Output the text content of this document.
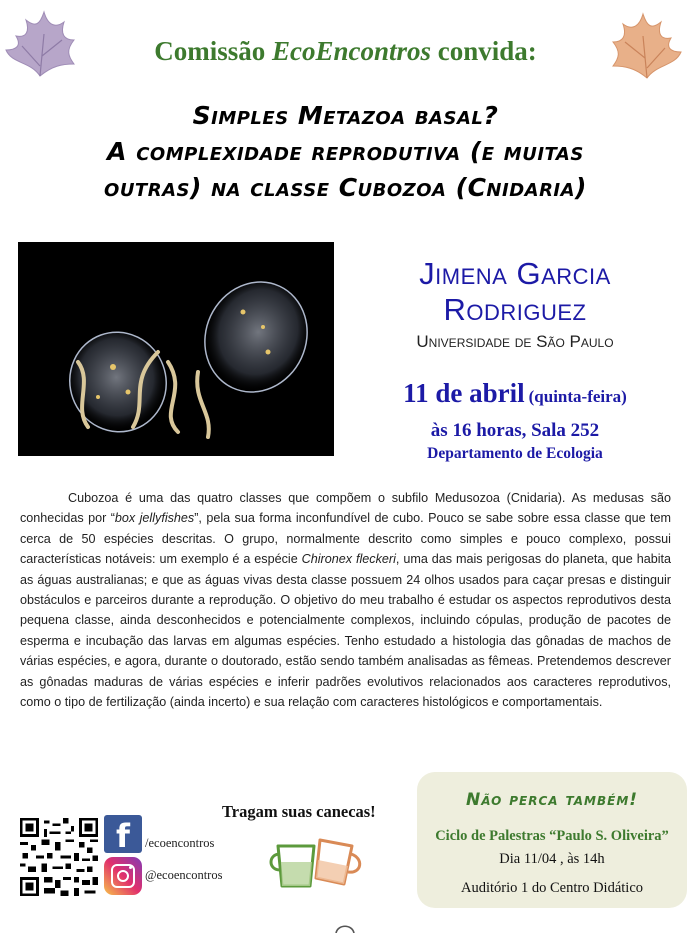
Comissão EcoEncontros convida:
Simples Metazoa basal?
A complexidade reprodutiva (e muitas
outras) na classe Cubozoa (Cnidaria)
Jimena Garcia Rodriguez
Universidade de São Paulo
11 de abril (quinta-feira)
às 16 horas, Sala 252
Departamento de Ecologia
Cubozoa é uma das quatro classes que compõem o subfilo Medusozoa (Cnidaria). As medusas são conhecidas por “box jellyfishes”, pela sua forma inconfundível de cubo. Pouco se sabe sobre essa classe que tem cerca de 50 espécies descritas. O grupo, normalmente descrito como simples e pouco complexo, possui características notáveis: um exemplo é a espécie Chironex fleckeri, uma das mais perigosas do planeta, que habita as águas australianas; e que as águas vivas desta classe possuem 24 olhos usados para caçar presas e distinguir obstáculos e parceiros durante a reprodução. O objetivo do meu trabalho é estudar os aspectos reprodutivos desta pequena classe, ainda desconhecidos e potencialmente complexos, incluindo cópulas, produção de pacotes de esperma e incubação das larvas em algumas espécies. Tenho estudado a histologia das gônadas de machos de várias espécies, e agora, durante o doutorado, estão sendo também analisadas as fêmeas. Pretendemos descrever as gônadas maduras de várias espécies e inferir padrões evolutivos relacionados aos caracteres reprodutivos, como o tipo de fertilização (ainda incerto) e sua relação com caracteres histológicos e comportamentais.
f	/ecoencontros
@ecoencontros
Tragam suas canecas!
Não perca também!
Ciclo de Palestras “Paulo S. Oliveira”
Dia 11/04 , às 14h
Auditório 1 do Centro Didático
